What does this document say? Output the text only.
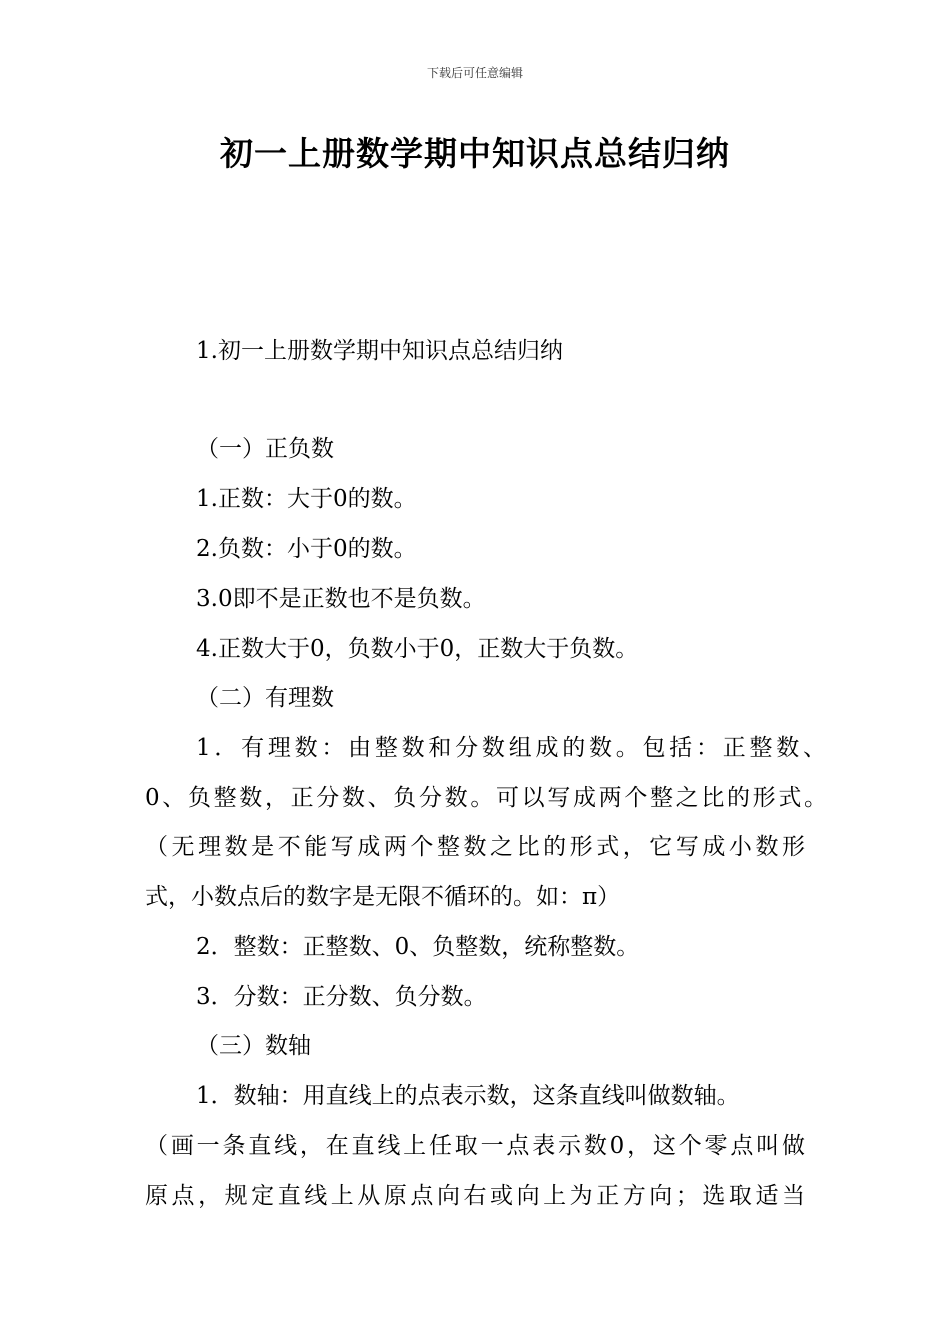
下载后可任意编辑
初一上册数学期中知识点总结归纳
1.初一上册数学期中知识点总结归纳
（一）正负数
1.正数：大于0的数。
2.负数：小于0的数。
3.0即不是正数也不是负数。
4.正数大于0，负数小于0，正数大于负数。
（二）有理数
1．有理数：由整数和分数组成的数。包括：正整数、
0、负整数，正分数、负分数。可以写成两个整之比的形式。
（无理数是不能写成两个整数之比的形式，它写成小数形
式，小数点后的数字是无限不循环的。如：π）
2．整数：正整数、0、负整数，统称整数。
3．分数：正分数、负分数。
（三）数轴
1．数轴：用直线上的点表示数，这条直线叫做数轴。
（画一条直线，在直线上任取一点表示数0，这个零点叫做
原点，规定直线上从原点向右或向上为正方向；选取适当
